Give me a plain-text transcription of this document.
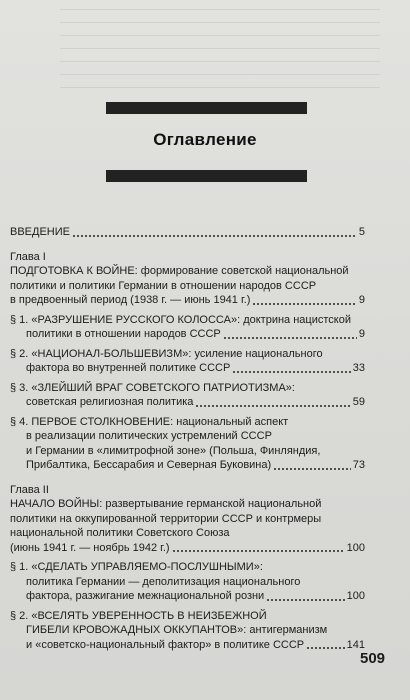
Оглавление
ВВЕДЕНИЕ	5
Глава I
ПОДГОТОВКА К ВОЙНЕ: формирование советской национальной
политики и политики Германии в отношении народов СССР
в предвоенный период (1938 г. — июнь 1941 г.)	9
§ 1. «РАЗРУШЕНИЕ РУССКОГО КОЛОССА»: доктрина нацистской
политики в отношении народов СССР	9
§ 2. «НАЦИОНАЛ-БОЛЬШЕВИЗМ»: усиление национального
фактора во внутренней политике СССР	33
§ 3. «ЗЛЕЙШИЙ ВРАГ СОВЕТСКОГО ПАТРИОТИЗМА»:
советская религиозная политика	59
§ 4. ПЕРВОЕ СТОЛКНОВЕНИЕ: национальный аспект
в реализации политических устремлений СССР
и Германии в «лимитрофной зоне» (Польша, Финляндия,
Прибалтика, Бессарабия и Северная Буковина)	73
Глава II
НАЧАЛО ВОЙНЫ: развертывание германской национальной
политики на оккупированной территории СССР и контрмеры
национальной политики Советского Союза
(июнь 1941 г. — ноябрь 1942 г.)	100
§ 1. «СДЕЛАТЬ УПРАВЛЯЕМО-ПОСЛУШНЫМИ»:
политика Германии — деполитизация национального
фактора, разжигание межнациональной розни	100
§ 2. «ВСЕЛЯТЬ УВЕРЕННОСТЬ В НЕИЗБЕЖНОЙ
ГИБЕЛИ КРОВОЖАДНЫХ ОККУПАНТОВ»: антигерманизм
и «советско-национальный фактор» в политике СССР	141
509
